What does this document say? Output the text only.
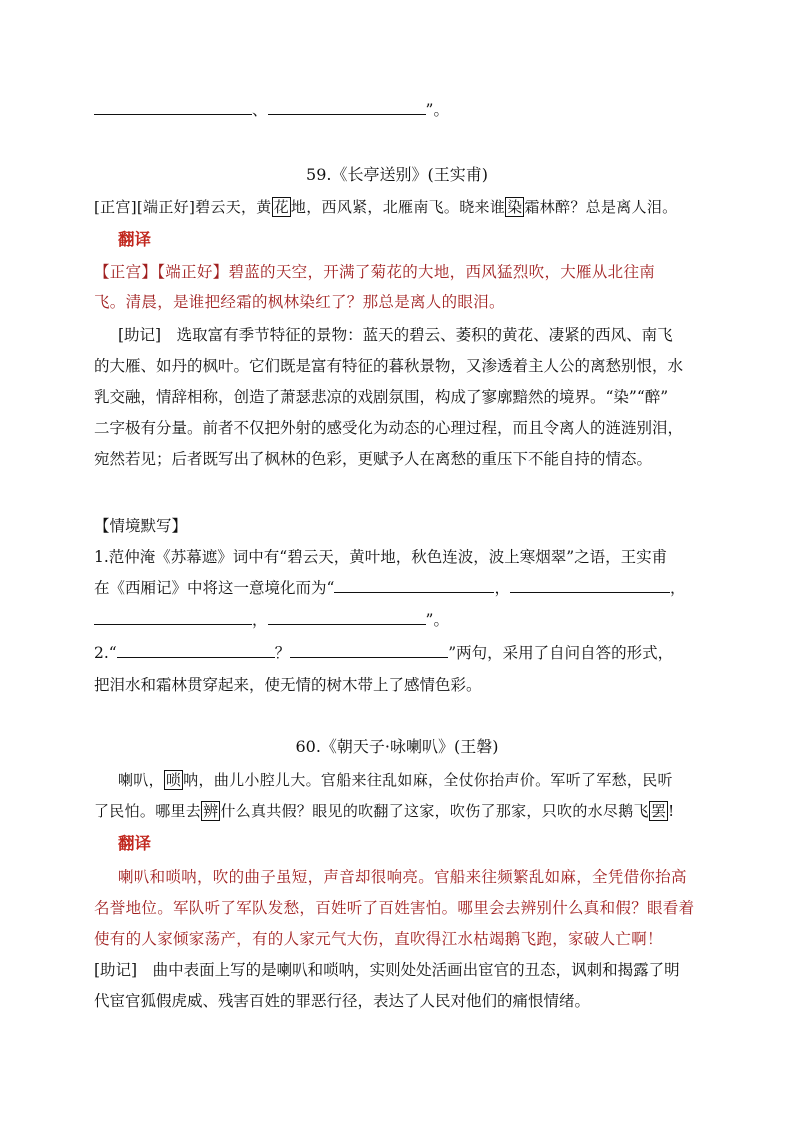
、	”。
59.《长亭送别》(王实甫)
[正宫][端正好]碧云天，黄 花 地，西风紧，北雁南飞。晓来谁 染 霜林醉？总是离人泪。
翻译
【正宫】【端正好】碧蓝的天空，开满了菊花的大地，西风猛烈吹，大雁从北往南
飞。清晨，是谁把经霜的枫林染红了？那总是离人的眼泪。
[助记]　选取富有季节特征的景物：蓝天的碧云、萎积的黄花、凄紧的西风、南飞
的大雁、如丹的枫叶。它们既是富有特征的暮秋景物，又渗透着主人公的离愁别恨，水
乳交融，情辞相称，创造了萧瑟悲凉的戏剧氛围，构成了寥廓黯然的境界。“染”“醉”
二字极有分量。前者不仅把外射的感受化为动态的心理过程，而且令离人的涟涟别泪，
宛然若见；后者既写出了枫林的色彩，更赋予人在离愁的重压下不能自持的情态。
【情境默写】
1.范仲淹《苏幕遮》词中有“碧云天，黄叶地，秋色连波，波上寒烟翠”之语，王实甫
在《西厢记》中将这一意境化而为“	，	，
，	”。
2.“	？	”两句，采用了自问自答的形式，
把泪水和霜林贯穿起来，使无情的树木带上了感情色彩。
60.《朝天子·咏喇叭》(王磐)
喇叭， 唢 呐，曲儿小腔儿大。官船来往乱如麻，全仗你抬声价。军听了军愁，民听
了民怕。哪里去 辨 什么真共假？眼见的吹翻了这家，吹伤了那家，只吹的水尽鹅飞 罢 !
翻译
喇叭和唢呐，吹的曲子虽短，声音却很响亮。官船来往频繁乱如麻，全凭借你抬高
名誉地位。军队听了军队发愁，百姓听了百姓害怕。哪里会去辨别什么真和假？眼看着
使有的人家倾家荡产，有的人家元气大伤，直吹得江水枯竭鹅飞跑，家破人亡啊！
[助记]　曲中表面上写的是喇叭和唢呐，实则处处活画出宦官的丑态，讽刺和揭露了明
代宦官狐假虎威、残害百姓的罪恶行径，表达了人民对他们的痛恨情绪。
